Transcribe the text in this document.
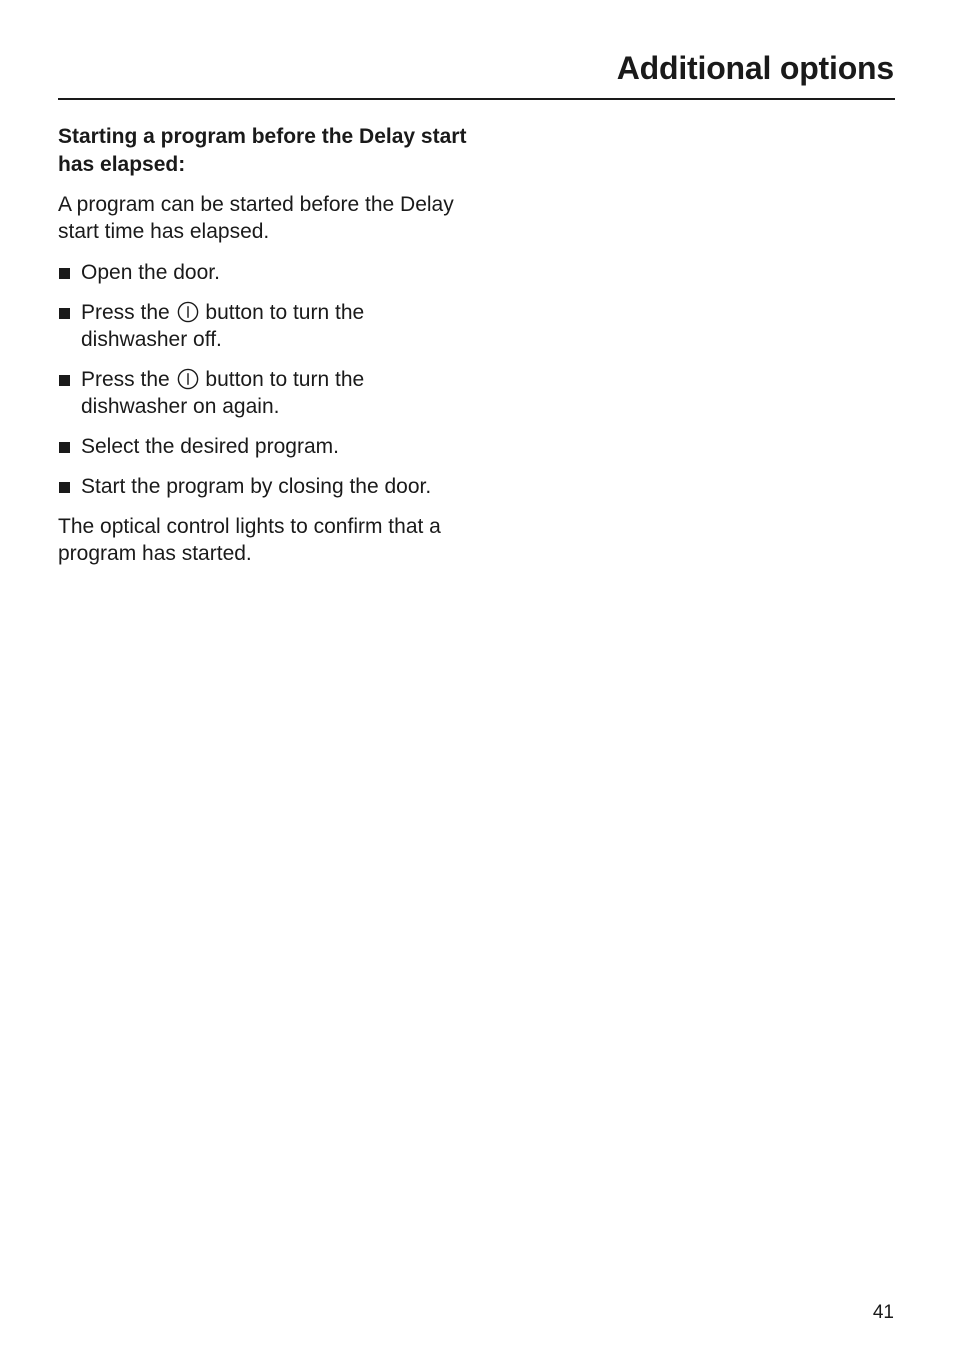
Additional options
Starting a program before the Delay start has elapsed:
A program can be started before the Delay start time has elapsed.
Open the door.
Press the button to turn the dishwasher off.
Press the button to turn the dishwasher on again.
Select the desired program.
Start the program by closing the door.
The optical control lights to confirm that a program has started.
41
